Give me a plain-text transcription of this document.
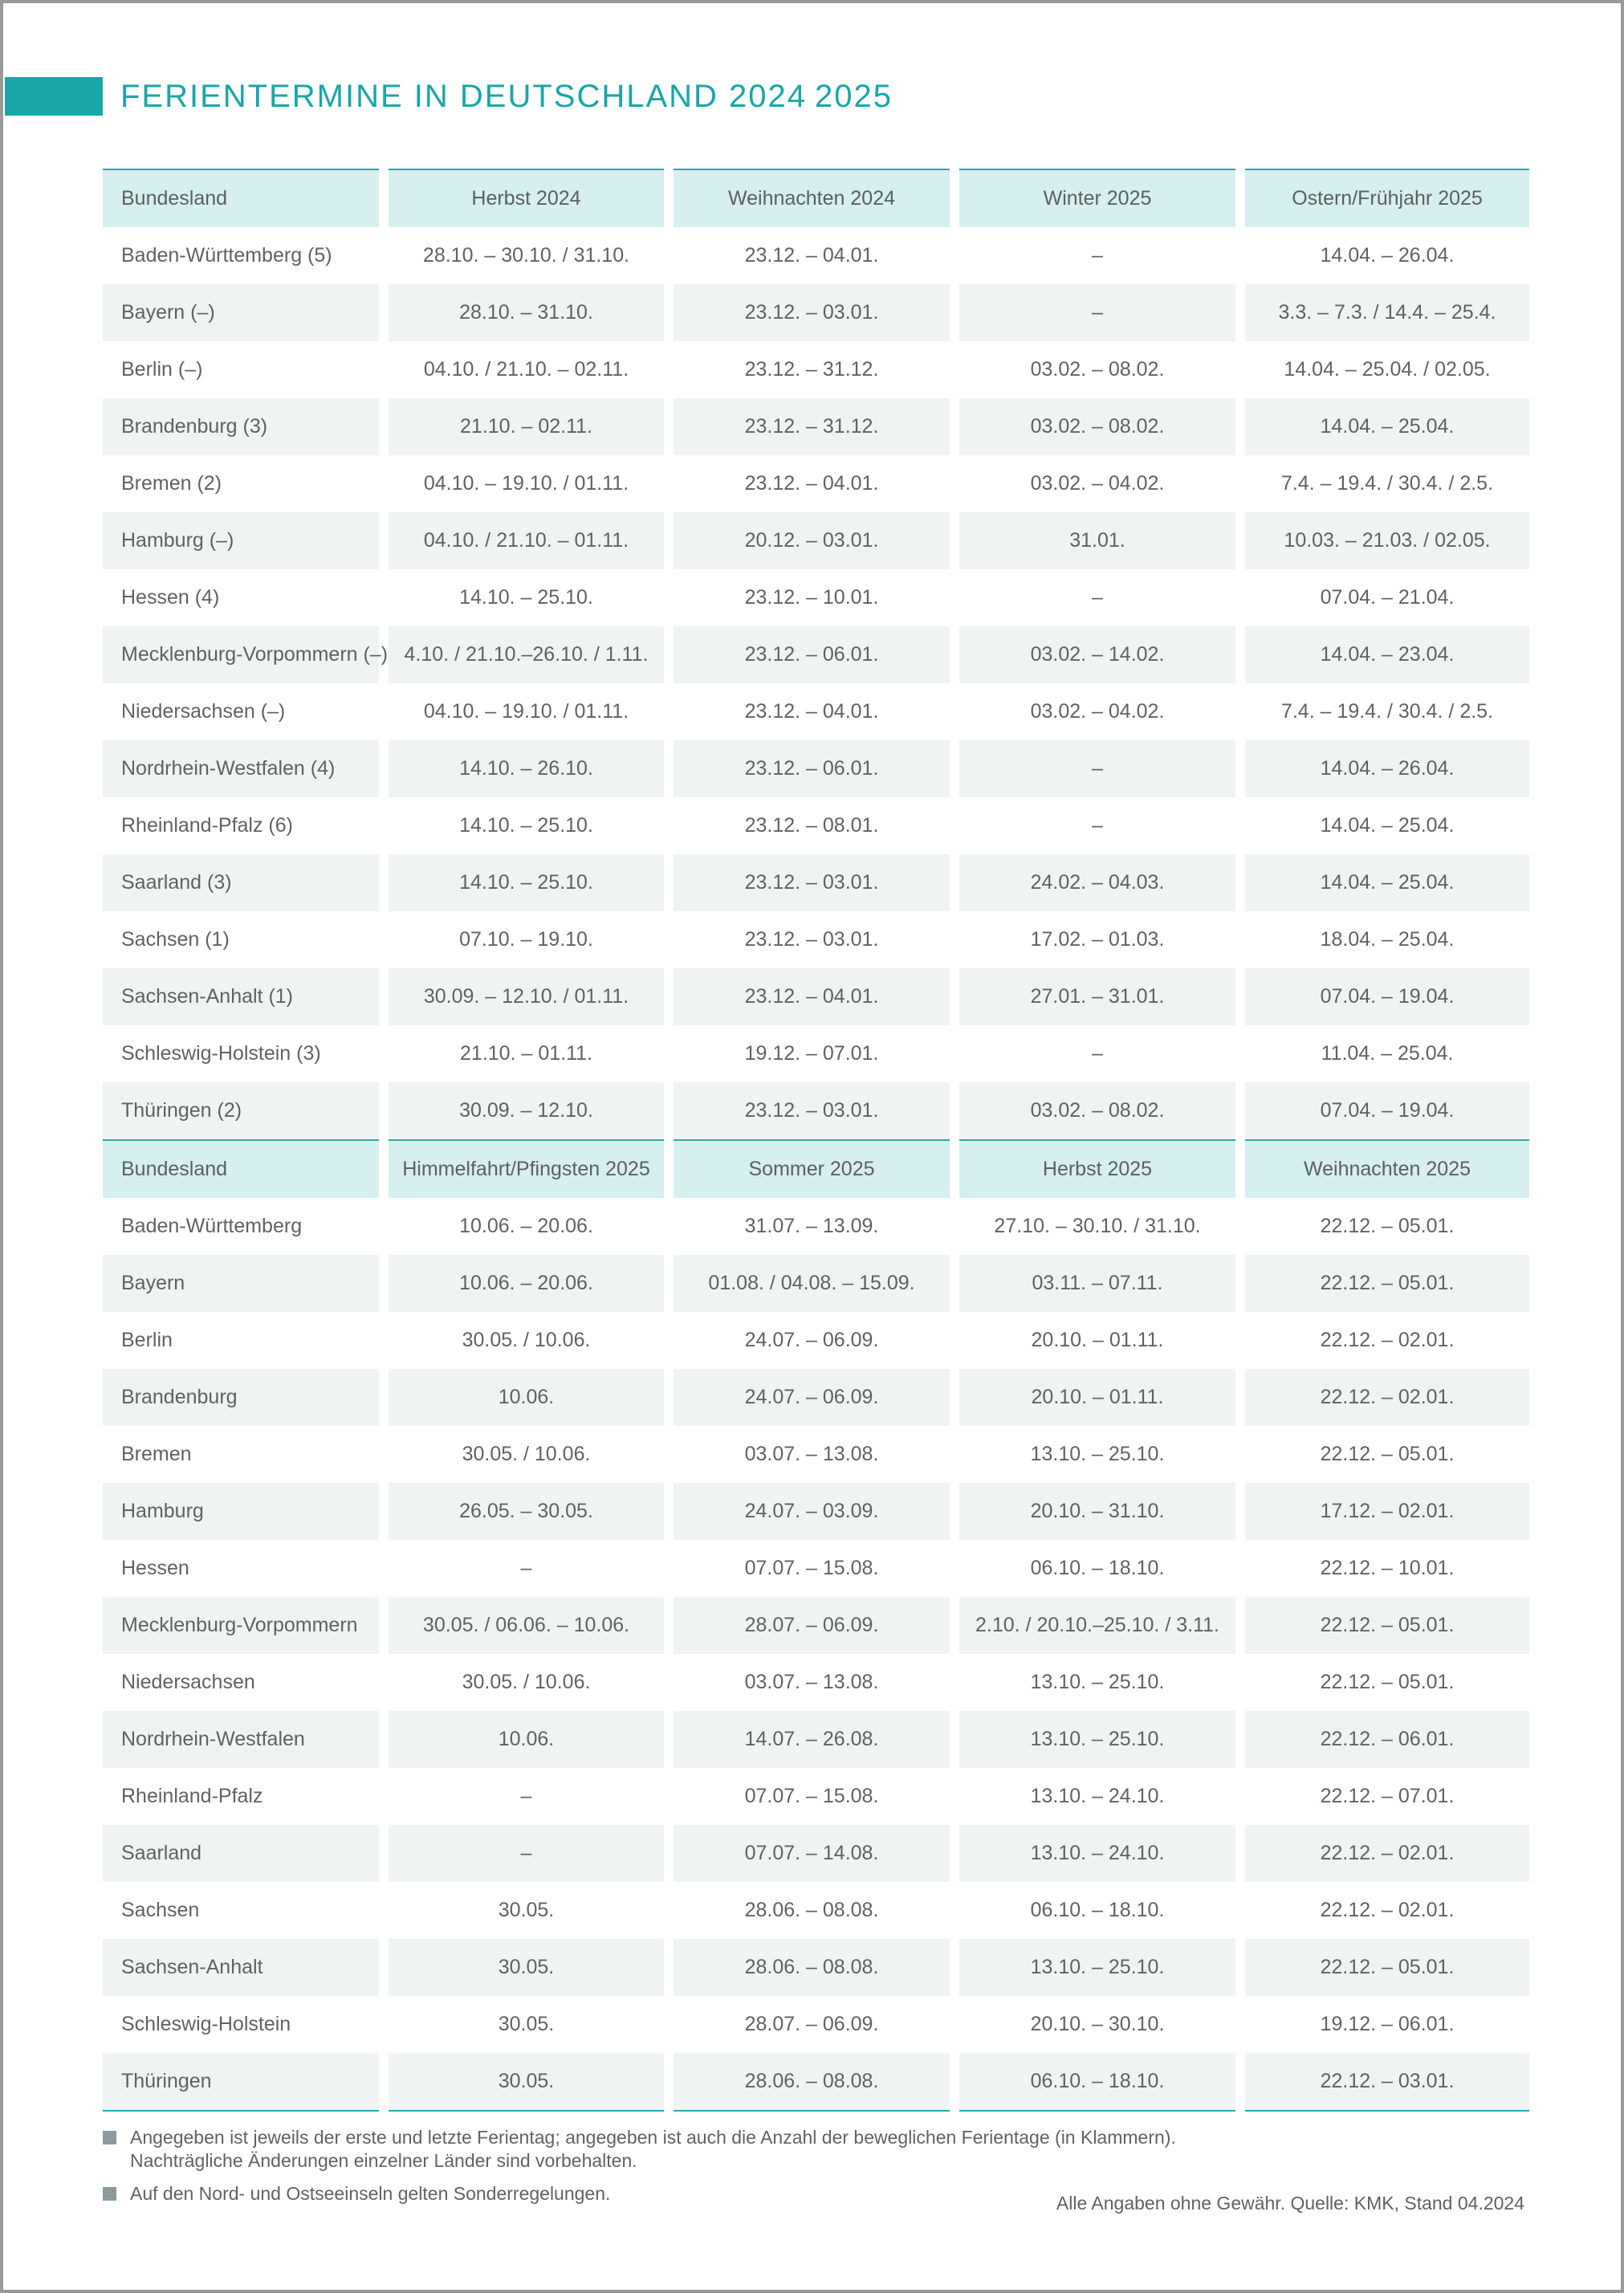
FERIENTERMINE IN DEUTSCHLAND 2024 2025
Bundesland	Herbst 2024	Weihnachten 2024	Winter 2025	Ostern/Frühjahr 2025
Baden-Württemberg (5)	28.10. – 30.10. / 31.10.	23.12. – 04.01.	–	14.04. – 26.04.
Bayern (–)	28.10. – 31.10.	23.12. – 03.01.	–	3.3. – 7.3. / 14.4. – 25.4.
Berlin (–)	04.10. / 21.10. – 02.11.	23.12. – 31.12.	03.02. – 08.02.	14.04. – 25.04. / 02.05.
Brandenburg (3)	21.10. – 02.11.	23.12. – 31.12.	03.02. – 08.02.	14.04. – 25.04.
Bremen (2)	04.10. – 19.10. / 01.11.	23.12. – 04.01.	03.02. – 04.02.	7.4. – 19.4. / 30.4. / 2.5.
Hamburg (–)	04.10. / 21.10. – 01.11.	20.12. – 03.01.	31.01.	10.03. – 21.03. / 02.05.
Hessen (4)	14.10. – 25.10.	23.12. – 10.01.	–	07.04. – 21.04.
Mecklenburg-Vorpommern (–)	4.10. / 21.10.–26.10. / 1.11.	23.12. – 06.01.	03.02. – 14.02.	14.04. – 23.04.
Niedersachsen (–)	04.10. – 19.10. / 01.11.	23.12. – 04.01.	03.02. – 04.02.	7.4. – 19.4. / 30.4. / 2.5.
Nordrhein-Westfalen (4)	14.10. – 26.10.	23.12. – 06.01.	–	14.04. – 26.04.
Rheinland-Pfalz (6)	14.10. – 25.10.	23.12. – 08.01.	–	14.04. – 25.04.
Saarland (3)	14.10. – 25.10.	23.12. – 03.01.	24.02. – 04.03.	14.04. – 25.04.
Sachsen (1)	07.10. – 19.10.	23.12. – 03.01.	17.02. – 01.03.	18.04. – 25.04.
Sachsen-Anhalt (1)	30.09. – 12.10. / 01.11.	23.12. – 04.01.	27.01. – 31.01.	07.04. – 19.04.
Schleswig-Holstein (3)	21.10. – 01.11.	19.12. – 07.01.	–	11.04. – 25.04.
Thüringen (2)	30.09. – 12.10.	23.12. – 03.01.	03.02. – 08.02.	07.04. – 19.04.
Bundesland	Himmelfahrt/Pfingsten 2025	Sommer 2025	Herbst 2025	Weihnachten 2025
Baden-Württemberg	10.06. – 20.06.	31.07. – 13.09.	27.10. – 30.10. / 31.10.	22.12. – 05.01.
Bayern	10.06. – 20.06.	01.08. / 04.08. – 15.09.	03.11. – 07.11.	22.12. – 05.01.
Berlin	30.05. / 10.06.	24.07. – 06.09.	20.10. – 01.11.	22.12. – 02.01.
Brandenburg	10.06.	24.07. – 06.09.	20.10. – 01.11.	22.12. – 02.01.
Bremen	30.05. / 10.06.	03.07. – 13.08.	13.10. – 25.10.	22.12. – 05.01.
Hamburg	26.05. – 30.05.	24.07. – 03.09.	20.10. – 31.10.	17.12. – 02.01.
Hessen	–	07.07. – 15.08.	06.10. – 18.10.	22.12. – 10.01.
Mecklenburg-Vorpommern	30.05. / 06.06. – 10.06.	28.07. – 06.09.	2.10. / 20.10.–25.10. / 3.11.	22.12. – 05.01.
Niedersachsen	30.05. / 10.06.	03.07. – 13.08.	13.10. – 25.10.	22.12. – 05.01.
Nordrhein-Westfalen	10.06.	14.07. – 26.08.	13.10. – 25.10.	22.12. – 06.01.
Rheinland-Pfalz	–	07.07. – 15.08.	13.10. – 24.10.	22.12. – 07.01.
Saarland	–	07.07. – 14.08.	13.10. – 24.10.	22.12. – 02.01.
Sachsen	30.05.	28.06. – 08.08.	06.10. – 18.10.	22.12. – 02.01.
Sachsen-Anhalt	30.05.	28.06. – 08.08.	13.10. – 25.10.	22.12. – 05.01.
Schleswig-Holstein	30.05.	28.07. – 06.09.	20.10. – 30.10.	19.12. – 06.01.
Thüringen	30.05.	28.06. – 08.08.	06.10. – 18.10.	22.12. – 03.01.
Angegeben ist jeweils der erste und letzte Ferientag; angegeben ist auch die Anzahl der beweglichen Ferientage (in Klammern).
Nachträgliche Änderungen einzelner Länder sind vorbehalten.
Auf den Nord- und Ostseeinseln gelten Sonderregelungen.	Alle Angaben ohne Gewähr. Quelle: KMK, Stand 04.2024
